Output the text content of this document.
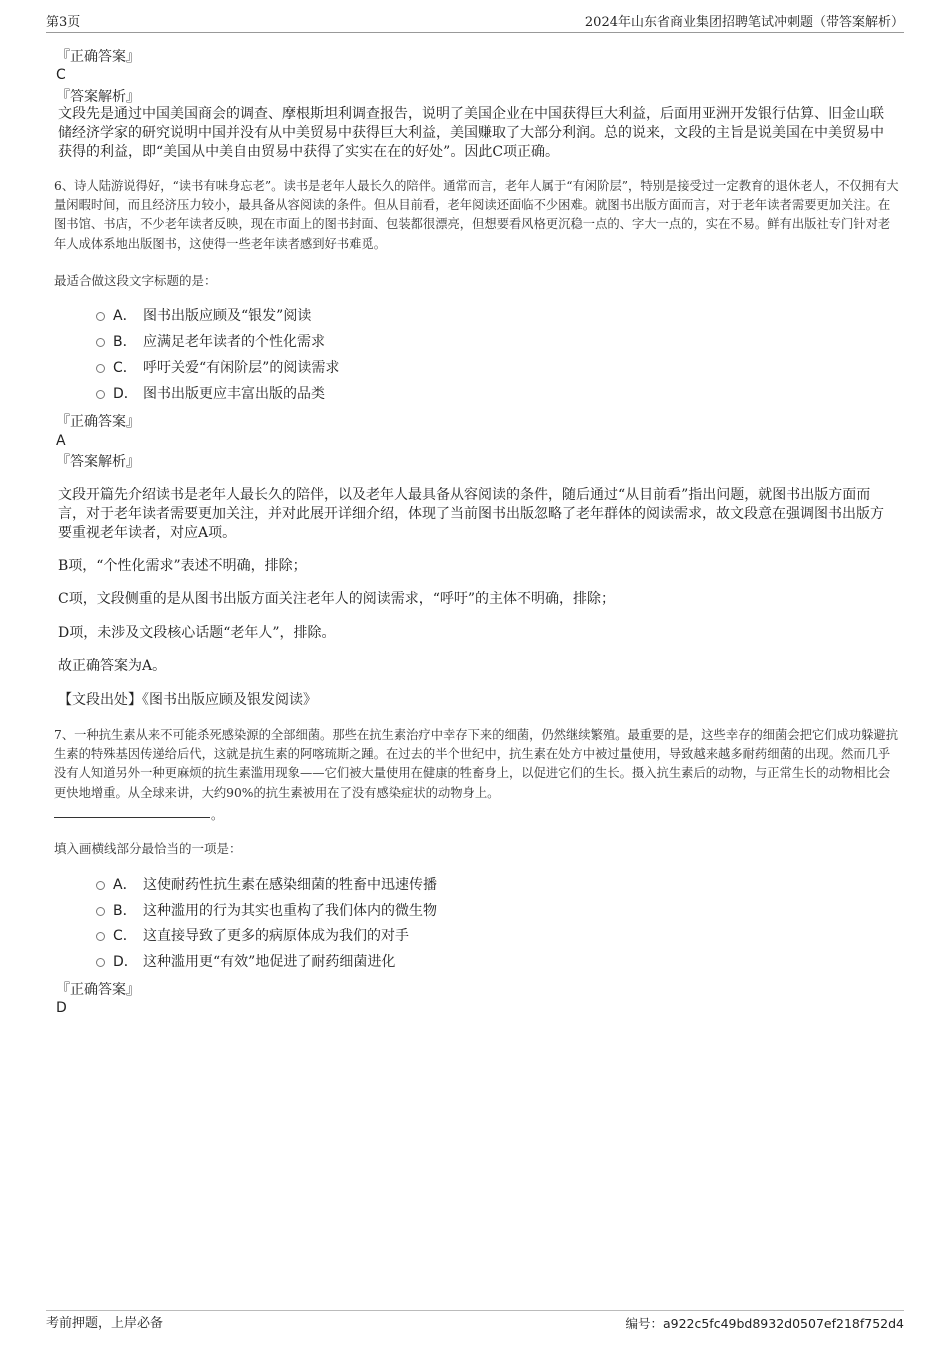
第3页	2024年山东省商业集团招聘笔试冲刺题（带答案解析）
『正确答案』
C
『答案解析』
文段先是通过中国美国商会的调查、摩根斯坦利调查报告，说明了美国企业在中国获得巨大利益，后面用亚洲开发银行估算、旧金山联储经济学家的研究说明中国并没有从中美贸易中获得巨大利益，美国赚取了大部分利润。总的说来，文段的主旨是说美国在中美贸易中获得的利益，即“美国从中美自由贸易中获得了实实在在的好处”。因此C项正确。
6、诗人陆游说得好，“读书有味身忘老”。读书是老年人最长久的陪伴。通常而言，老年人属于“有闲阶层”，特别是接受过一定教育的退休老人，不仅拥有大量闲暇时间，而且经济压力较小，最具备从容阅读的条件。但从目前看，老年阅读还面临不少困难。就图书出版方面而言，对于老年读者需要更加关注。在图书馆、书店，不少老年读者反映，现在市面上的图书封面、包装都很漂亮，但想要看风格更沉稳一点的、字大一点的，实在不易。鲜有出版社专门针对老年人成体系地出版图书，这使得一些老年读者感到好书难觅。
最适合做这段文字标题的是：
A． 图书出版应顾及“银发”阅读
B． 应满足老年读者的个性化需求
C． 呼吁关爱“有闲阶层”的阅读需求
D． 图书出版更应丰富出版的品类
『正确答案』
A
『答案解析』
文段开篇先介绍读书是老年人最长久的陪伴，以及老年人最具备从容阅读的条件，随后通过“从目前看”指出问题，就图书出版方面而言，对于老年读者需要更加关注，并对此展开详细介绍，体现了当前图书出版忽略了老年群体的阅读需求，故文段意在强调图书出版方要重视老年读者，对应A项。
B项，“个性化需求”表述不明确，排除；
C项，文段侧重的是从图书出版方面关注老年人的阅读需求，“呼吁”的主体不明确，排除；
D项，未涉及文段核心话题“老年人”，排除。
故正确答案为A。
【文段出处】《图书出版应顾及银发阅读》
7、一种抗生素从来不可能杀死感染源的全部细菌。那些在抗生素治疗中幸存下来的细菌，仍然继续繁殖。最重要的是，这些幸存的细菌会把它们成功躲避抗生素的特殊基因传递给后代，这就是抗生素的阿喀琉斯之踵。在过去的半个世纪中，抗生素在处方中被过量使用，导致越来越多耐药细菌的出现。然而几乎没有人知道另外一种更麻烦的抗生素滥用现象——它们被大量使用在健康的牲畜身上，以促进它们的生长。摄入抗生素后的动物，与正常生长的动物相比会更快地增重。从全球来讲，大约90%的抗生素被用在了没有感染症状的动物身上。
。
填入画横线部分最恰当的一项是：
A． 这使耐药性抗生素在感染细菌的牲畜中迅速传播
B． 这种滥用的行为其实也重构了我们体内的微生物
C． 这直接导致了更多的病原体成为我们的对手
D． 这种滥用更“有效”地促进了耐药细菌进化
『正确答案』
D
考前押题，上岸必备	编号：a922c5fc49bd8932d0507ef218f752d4
